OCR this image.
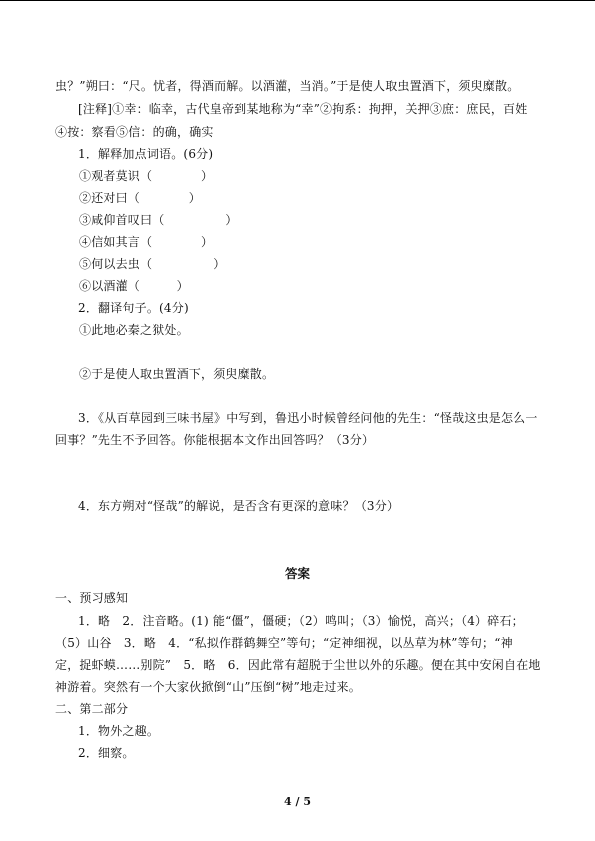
虫？”朔曰：“尺。忧者，得酒而解。以酒灌，当消。”于是使人取虫置酒下，须臾糜散。
[注释]①幸：临幸，古代皇帝到某地称为“幸”②拘系：拘押，关押③庶：庶民，百姓
④按：察看⑤信：的确，确实
1．解释加点词语。(6分)
①观者莫识（　　　　）
②还对曰（　　　　）
③咸仰首叹曰（　　　　　）
④信如其言（　　　　）
⑤何以去虫（　　　　　）
⑥以酒灌（　　　）
2．翻译句子。(4分)
①此地必秦之狱处。
②于是使人取虫置酒下，须臾糜散。
3．《从百草园到三味书屋》中写到，鲁迅小时候曾经问他的先生：“怪哉这虫是怎么一
回事？”先生不予回答。你能根据本文作出回答吗？（3分）
4．东方朔对“怪哉”的解说，是否含有更深的意味？（3分）
答案
一、预习感知
1．略　2．注音略。(1) 能“僵”，僵硬；（2）鸣叫；（3）愉悦，高兴；（4）碎石；
（5）山谷　3．略　4．“私拟作群鹤舞空”等句；“定神细视，以丛草为林”等句；“神
定，捉虾蟆……别院”　5．略　6．因此常有超脱于尘世以外的乐趣。便在其中安闲自在地
神游着。突然有一个大家伙掀倒“山”压倒“树”地走过来。
二、第二部分
1．物外之趣。
2．细察。
4 / 5
